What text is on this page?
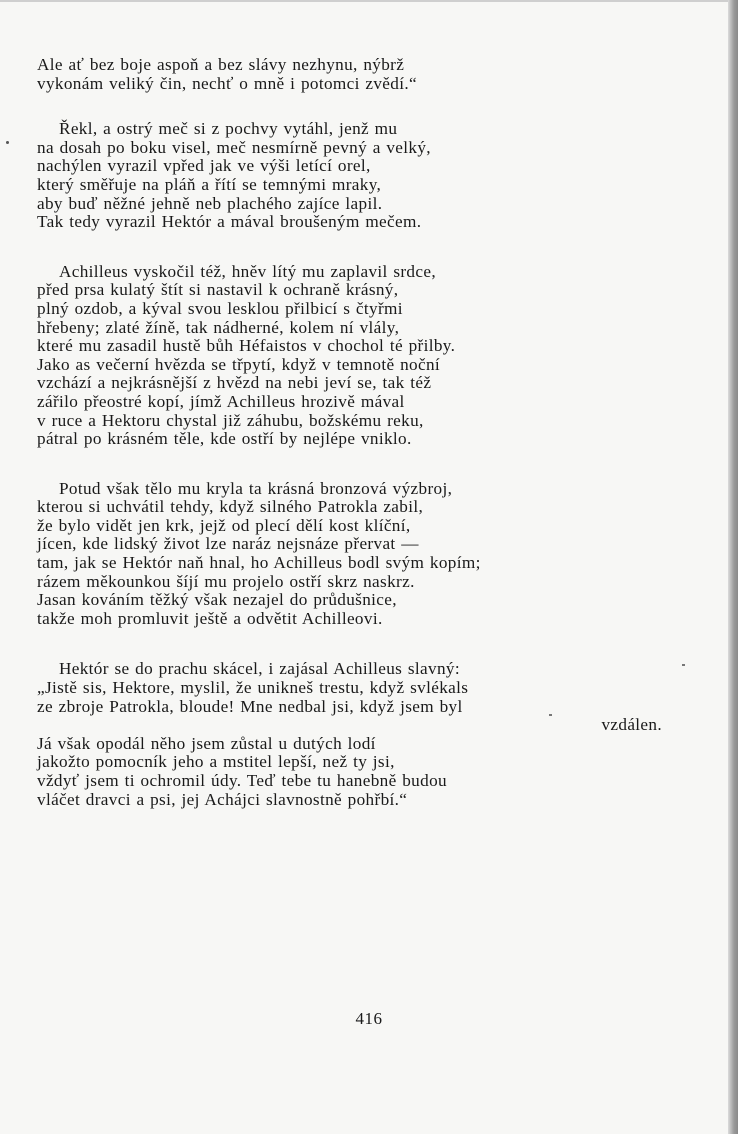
Ale ať bez boje aspoň a bez slávy nezhynu, nýbrž
vykonám veliký čin, nechť o mně i potomci zvědí.“
Řekl, a ostrý meč si z pochvy vytáhl, jenž mu
na dosah po boku visel, meč nesmírně pevný a velký,
nachýlen vyrazil vpřed jak ve výši letící orel,
který směřuje na pláň a řítí se temnými mraky,
aby buď něžné jehně neb plachého zajíce lapil.
Tak tedy vyrazil Hektór a mával broušeným mečem.
Achilleus vyskočil též, hněv lítý mu zaplavil srdce,
před prsa kulatý štít si nastavil k ochraně krásný,
plný ozdob, a kýval svou lesklou přilbicí s čtyřmi
hřebeny; zlaté žíně, tak nádherné, kolem ní vlály,
které mu zasadil hustě bůh Héfaistos v chochol té přilby.
Jako as večerní hvězda se třpytí, když v temnotě noční
vzchází a nejkrásnější z hvězd na nebi jeví se, tak též
zářilo přeostré kopí, jímž Achilleus hrozivě mával
v ruce a Hektoru chystal již záhubu, božskému reku,
pátral po krásném těle, kde ostří by nejlépe vniklo.
Potud však tělo mu kryla ta krásná bronzová výzbroj,
kterou si uchvátil tehdy, když silného Patrokla zabil,
že bylo vidět jen krk, jejž od plecí dělí kost klíční,
jícen, kde lidský život lze naráz nejsnáze přervat —
tam, jak se Hektór naň hnal, ho Achilleus bodl svým kopím;
rázem měkounkou šíjí mu projelo ostří skrz naskrz.
Jasan kováním těžký však nezajel do průdušnice,
takže moh promluvit ještě a odvětit Achilleovi.
Hektór se do prachu skácel, i zajásal Achilleus slavný:
„Jistě sis, Hektore, myslil, že unikneš trestu, když svlékals
ze zbroje Patrokla, bloude! Mne nedbal jsi, když jsem byl
vzdálen.
Já však opodál něho jsem zůstal u dutých lodí
jakožto pomocník jeho a mstitel lepší, než ty jsi,
vždyť jsem ti ochromil údy. Teď tebe tu hanebně budou
vláčet dravci a psi, jej Achájci slavnostně pohřbí.“
416
